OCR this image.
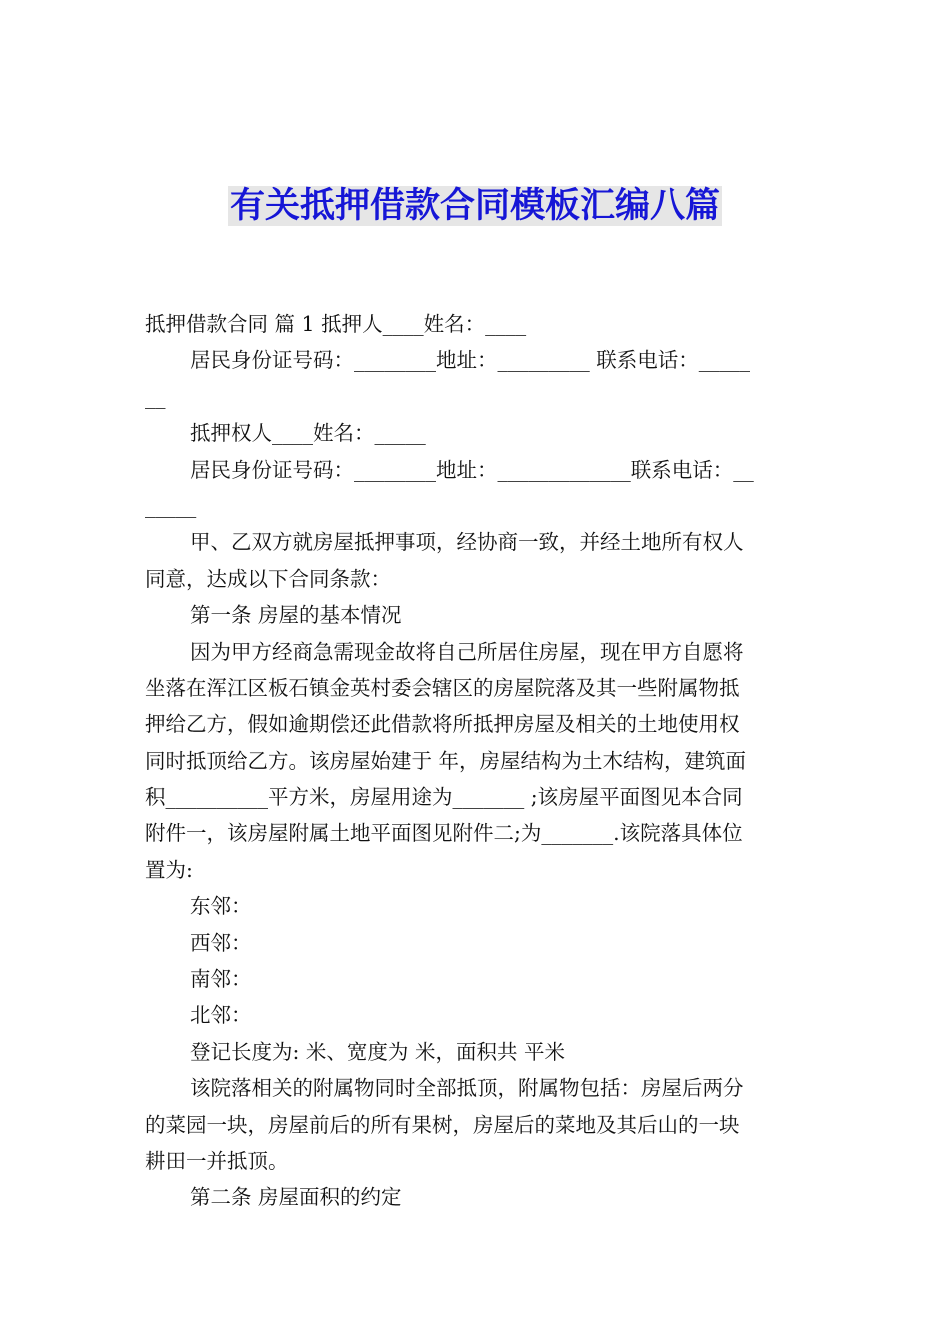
有关抵押借款合同模板汇编八篇
抵押借款合同 篇 1 抵押人____姓名：____
居民身份证号码：________地址：_________ 联系电话：_____
__
抵押权人____姓名：_____
居民身份证号码：________地址：_____________联系电话：__
_____
甲、乙双方就房屋抵押事项，经协商一致，并经土地所有权人
同意，达成以下合同条款：
第一条 房屋的基本情况
因为甲方经商急需现金故将自己所居住房屋，现在甲方自愿将
坐落在浑江区板石镇金英村委会辖区的房屋院落及其一些附属物抵
押给乙方，假如逾期偿还此借款将所抵押房屋及相关的土地使用权
同时抵顶给乙方。该房屋始建于 年，房屋结构为土木结构，建筑面
积__________平方米，房屋用途为_______ ;该房屋平面图见本合同
附件一，该房屋附属土地平面图见附件二;为_______.该院落具体位
置为:
东邻：
西邻：
南邻：
北邻：
登记长度为: 米、宽度为 米，面积共 平米
该院落相关的附属物同时全部抵顶，附属物包括：房屋后两分
的菜园一块，房屋前后的所有果树，房屋后的菜地及其后山的一块
耕田一并抵顶。
第二条 房屋面积的约定
